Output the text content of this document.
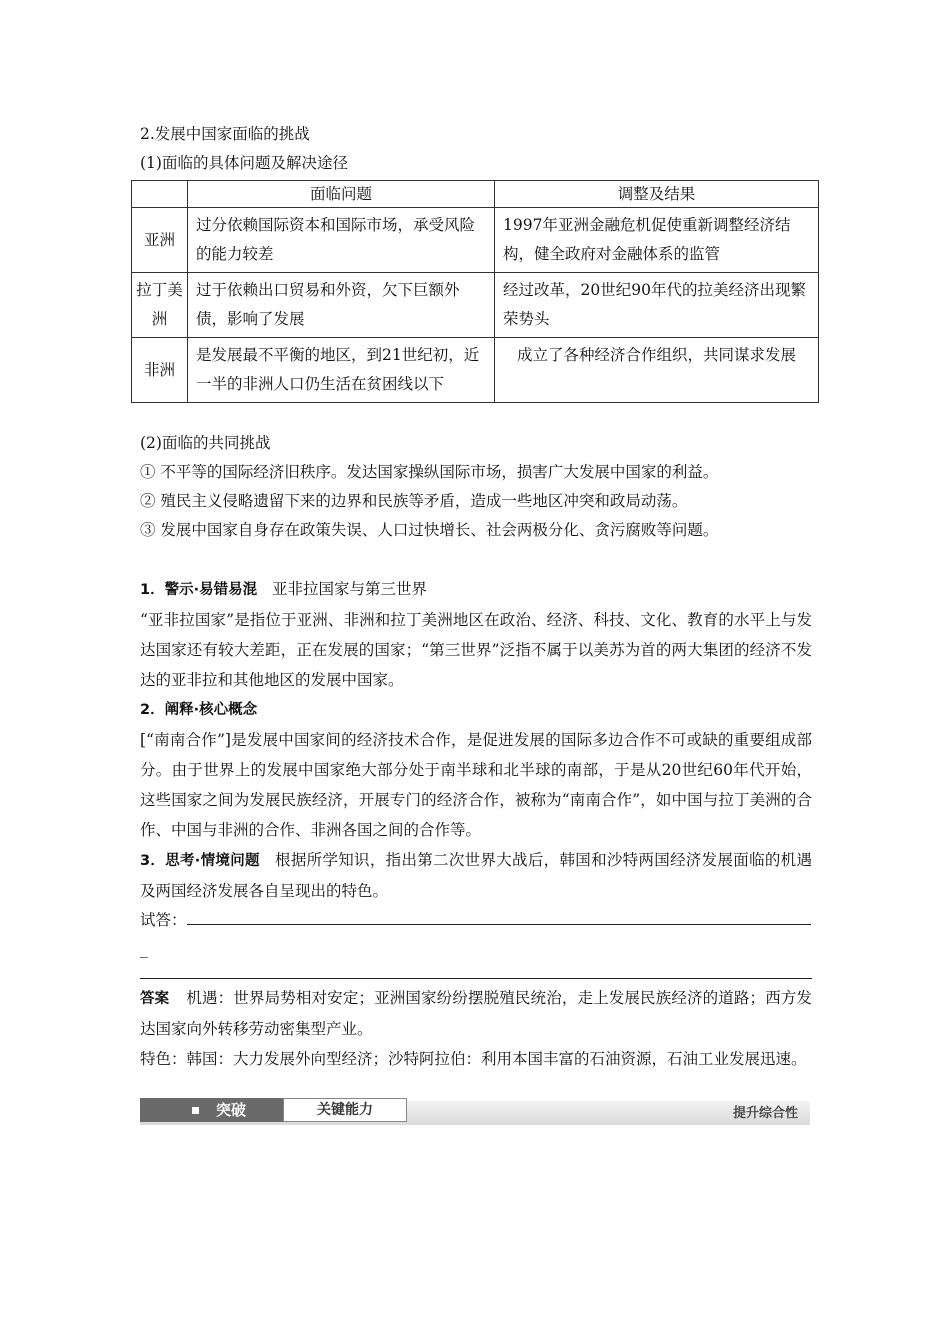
2.发展中国家面临的挑战
(1)面临的具体问题及解决途径
	面临问题	调整及结果
亚洲	过分依赖国际资本和国际市场，承受风险的能力较差	1997年亚洲金融危机促使重新调整经济结构，健全政府对金融体系的监管
拉丁美洲	过于依赖出口贸易和外资，欠下巨额外债，影响了发展	经过改革，20世纪90年代的拉美经济出现繁荣势头
非洲	是发展最不平衡的地区，到21世纪初，近一半的非洲人口仍生活在贫困线以下	成立了各种经济合作组织，共同谋求发展
(2)面临的共同挑战
① 不平等的国际经济旧秩序。发达国家操纵国际市场，损害广大发展中国家的利益。
② 殖民主义侵略遗留下来的边界和民族等矛盾，造成一些地区冲突和政局动荡。
③ 发展中国家自身存在政策失误、人口过快增长、社会两极分化、贪污腐败等问题。
1．警示·易错易混 亚非拉国家与第三世界
“亚非拉国家”是指位于亚洲、非洲和拉丁美洲地区在政治、经济、科技、文化、教育的水平上与发达国家还有较大差距，正在发展的国家；“第三世界”泛指不属于以美苏为首的两大集团的经济不发达的亚非拉和其他地区的发展中国家。
2．阐释·核心概念
[“南南合作”]是发展中国家间的经济技术合作，是促进发展的国际多边合作不可或缺的重要组成部分。由于世界上的发展中国家绝大部分处于南半球和北半球的南部，于是从20世纪60年代开始，这些国家之间为发展民族经济，开展专门的经济合作，被称为“南南合作”，如中国与拉丁美洲的合作、中国与非洲的合作、非洲各国之间的合作等。
3．思考·情境问题 根据所学知识，指出第二次世界大战后，韩国和沙特两国经济发展面临的机遇及两国经济发展各自呈现出的特色。
试答：
_
答案 机遇：世界局势相对安定；亚洲国家纷纷摆脱殖民统治，走上发展民族经济的道路；西方发达国家向外转移劳动密集型产业。
特色：韩国：大力发展外向型经济；沙特阿拉伯：利用本国丰富的石油资源，石油工业发展迅速。
突破	关键能力	提升综合性
